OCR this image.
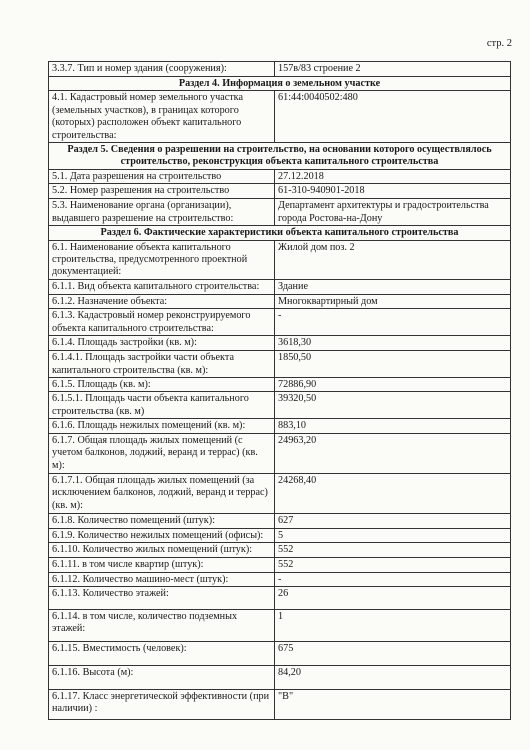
стр. 2
3.3.7. Тип и номер здания (сооружения):	157в/83 строение 2
Раздел 4. Информация о земельном участке	
4.1. Кадастровый номер земельного участка (земельных участков), в границах которого (которых) расположен объект капитального строительства:	61:44:0040502:480
Раздел 5. Сведения о разрешении на строительство, на основании которого осуществлялось строительство, реконструкция объекта капитального строительства	
5.1. Дата разрешения на строительство	27.12.2018
5.2. Номер разрешения на строительство	61-310-940901-2018
5.3. Наименование органа (организации), выдавшего разрешение на строительство:	Департамент архитектуры и градостроительства города Ростова-на-Дону
Раздел 6. Фактические характеристики объекта капитального строительства	
6.1. Наименование объекта капитального строительства, предусмотренного проектной документацией:	Жилой дом поз. 2
6.1.1. Вид объекта капитального строительства:	Здание
6.1.2. Назначение объекта:	Многоквартирный дом
6.1.3. Кадастровый номер реконструируемого объекта капитального строительства:	-
6.1.4. Площадь застройки (кв. м):	3618,30
6.1.4.1. Площадь застройки части объекта капитального строительства (кв. м):	1850,50
6.1.5. Площадь (кв. м):	72886,90
6.1.5.1. Площадь части объекта капитального строительства (кв. м)	39320,50
6.1.6. Площадь нежилых помещений (кв. м):	883,10
6.1.7. Общая площадь жилых помещений (с учетом балконов, лоджий, веранд и террас) (кв. м):	24963,20
6.1.7.1. Общая площадь жилых помещений (за исключением балконов, лоджий, веранд и террас) (кв. м):	24268,40
6.1.8. Количество помещений (штук):	627
6.1.9. Количество нежилых помещений (офисы):	5
6.1.10. Количество жилых помещений (штук):	552
6.1.11. в том числе квартир (штук):	552
6.1.12. Количество машино-мест (штук):	-
6.1.13. Количество этажей:	26
6.1.14. в том числе, количество подземных этажей:	1
6.1.15. Вместимость (человек):	675
6.1.16. Высота (м):	84,20
6.1.17. Класс энергетической эффективности (при наличии) :	"В"
